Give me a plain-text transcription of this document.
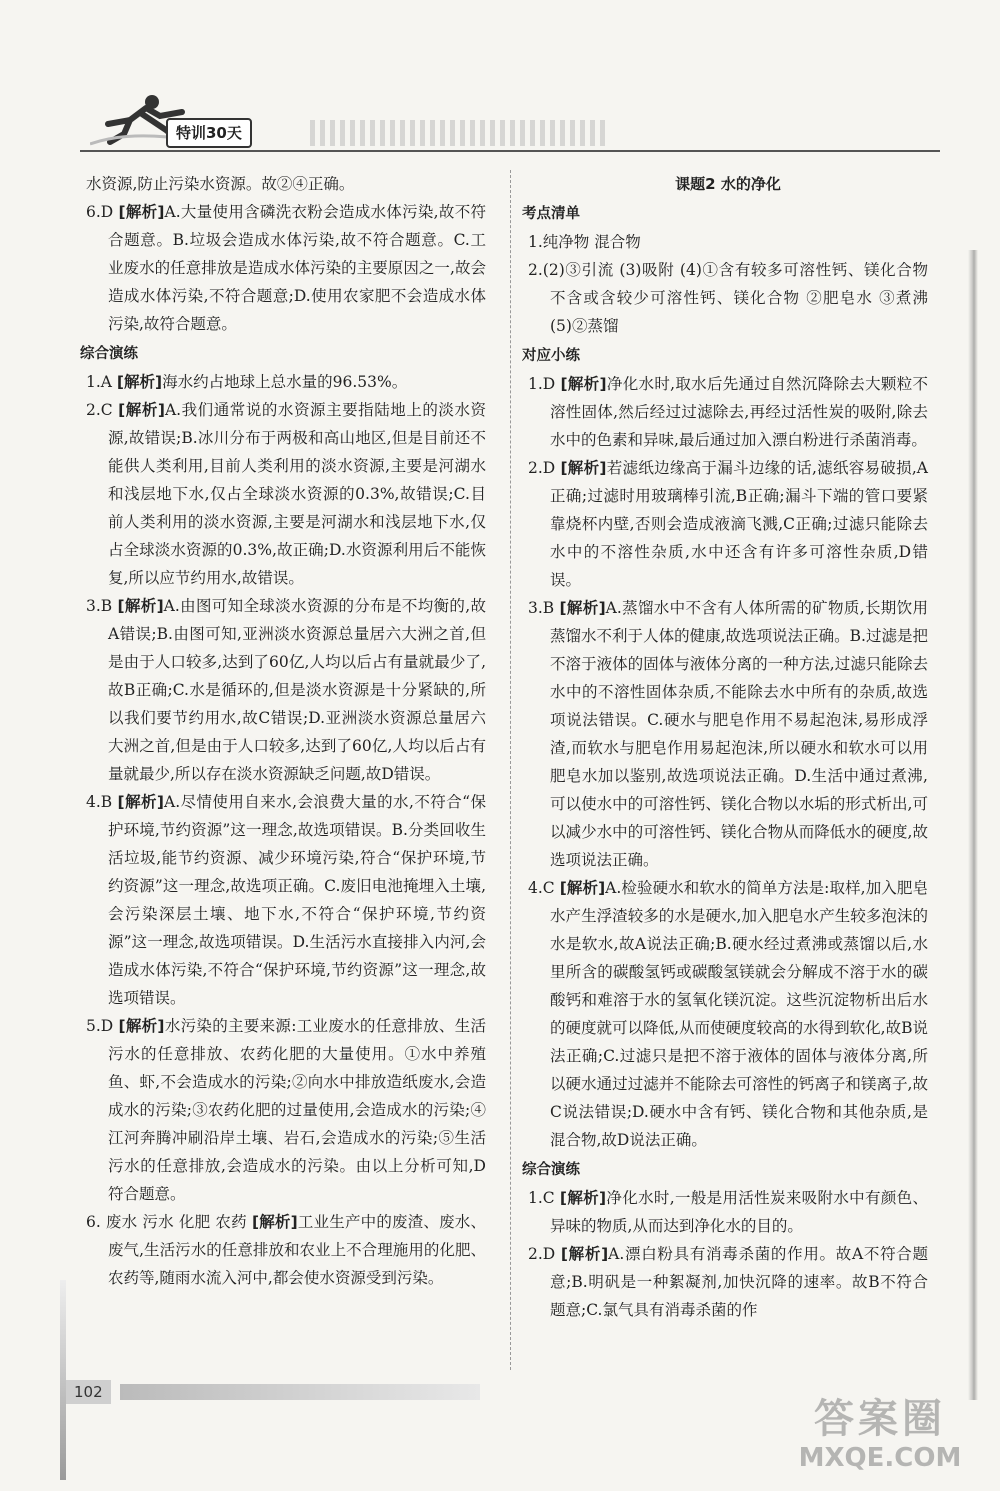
特训30天
水资源,防止污染水资源。故②④正确。
6.D [解析]A.大量使用含磷洗衣粉会造成水体污染,故不符合题意。B.垃圾会造成水体污染,故不符合题意。C.工业废水的任意排放是造成水体污染的主要原因之一,故会造成水体污染,不符合题意;D.使用农家肥不会造成水体污染,故符合题意。
综合演练
1.A [解析]海水约占地球上总水量的96.53%。
2.C [解析]A.我们通常说的水资源主要指陆地上的淡水资源,故错误;B.冰川分布于两极和高山地区,但是目前还不能供人类利用,目前人类利用的淡水资源,主要是河湖水和浅层地下水,仅占全球淡水资源的0.3%,故错误;C.目前人类利用的淡水资源,主要是河湖水和浅层地下水,仅占全球淡水资源的0.3%,故正确;D.水资源利用后不能恢复,所以应节约用水,故错误。
3.B [解析]A.由图可知全球淡水资源的分布是不均衡的,故A错误;B.由图可知,亚洲淡水资源总量居六大洲之首,但是由于人口较多,达到了60亿,人均以后占有量就最少了,故B正确;C.水是循环的,但是淡水资源是十分紧缺的,所以我们要节约用水,故C错误;D.亚洲淡水资源总量居六大洲之首,但是由于人口较多,达到了60亿,人均以后占有量就最少,所以存在淡水资源缺乏问题,故D错误。
4.B [解析]A.尽情使用自来水,会浪费大量的水,不符合“保护环境,节约资源”这一理念,故选项错误。B.分类回收生活垃圾,能节约资源、减少环境污染,符合“保护环境,节约资源”这一理念,故选项正确。C.废旧电池掩埋入土壤,会污染深层土壤、地下水,不符合“保护环境,节约资源”这一理念,故选项错误。D.生活污水直接排入内河,会造成水体污染,不符合“保护环境,节约资源”这一理念,故选项错误。
5.D [解析]水污染的主要来源:工业废水的任意排放、生活污水的任意排放、农药化肥的大量使用。①水中养殖鱼、虾,不会造成水的污染;②向水中排放造纸废水,会造成水的污染;③农药化肥的过量使用,会造成水的污染;④江河奔腾冲刷沿岸土壤、岩石,会造成水的污染;⑤生活污水的任意排放,会造成水的污染。由以上分析可知,D符合题意。
6. 废水 污水 化肥 农药 [解析]工业生产中的废渣、废水、废气,生活污水的任意排放和农业上不合理施用的化肥、农药等,随雨水流入河中,都会使水资源受到污染。
课题2 水的净化
考点清单
1.纯净物 混合物
2.(2)③引流 (3)吸附 (4)①含有较多可溶性钙、镁化合物 不含或含较少可溶性钙、镁化合物 ②肥皂水 ③煮沸 (5)②蒸馏
对应小练
1.D [解析]净化水时,取水后先通过自然沉降除去大颗粒不溶性固体,然后经过过滤除去,再经过活性炭的吸附,除去水中的色素和异味,最后通过加入漂白粉进行杀菌消毒。
2.D [解析]若滤纸边缘高于漏斗边缘的话,滤纸容易破损,A正确;过滤时用玻璃棒引流,B正确;漏斗下端的管口要紧靠烧杯内壁,否则会造成液滴飞溅,C正确;过滤只能除去水中的不溶性杂质,水中还含有许多可溶性杂质,D错误。
3.B [解析]A.蒸馏水中不含有人体所需的矿物质,长期饮用蒸馏水不利于人体的健康,故选项说法正确。B.过滤是把不溶于液体的固体与液体分离的一种方法,过滤只能除去水中的不溶性固体杂质,不能除去水中所有的杂质,故选项说法错误。C.硬水与肥皂作用不易起泡沫,易形成浮渣,而软水与肥皂作用易起泡沫,所以硬水和软水可以用肥皂水加以鉴别,故选项说法正确。D.生活中通过煮沸,可以使水中的可溶性钙、镁化合物以水垢的形式析出,可以减少水中的可溶性钙、镁化合物从而降低水的硬度,故选项说法正确。
4.C [解析]A.检验硬水和软水的简单方法是:取样,加入肥皂水产生浮渣较多的水是硬水,加入肥皂水产生较多泡沫的水是软水,故A说法正确;B.硬水经过煮沸或蒸馏以后,水里所含的碳酸氢钙或碳酸氢镁就会分解成不溶于水的碳酸钙和难溶于水的氢氧化镁沉淀。这些沉淀物析出后水的硬度就可以降低,从而使硬度较高的水得到软化,故B说法正确;C.过滤只是把不溶于液体的固体与液体分离,所以硬水通过过滤并不能除去可溶性的钙离子和镁离子,故C说法错误;D.硬水中含有钙、镁化合物和其他杂质,是混合物,故D说法正确。
综合演练
1.C [解析]净化水时,一般是用活性炭来吸附水中有颜色、异味的物质,从而达到净化水的目的。
2.D [解析]A.漂白粉具有消毒杀菌的作用。故A不符合题意;B.明矾是一种絮凝剂,加快沉降的速率。故B不符合题意;C.氯气具有消毒杀菌的作
102
答案圈
MXQE.COM
